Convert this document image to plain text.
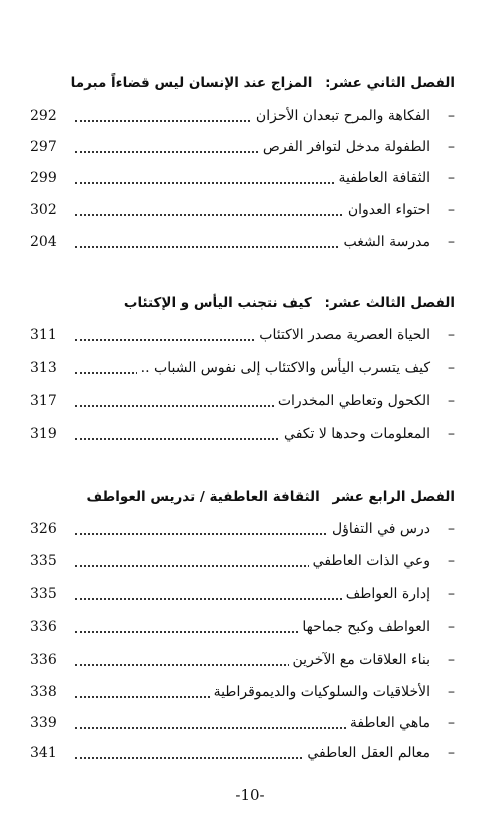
الفصل الثاني عشر: المزاج عند الإنسان ليس قضاءاً مبرما
–
الفكاهة والمرح تبعدان الأحزان
292
–
الطفولة مدخل لتوافر الفرص
297
–
الثقافة العاطفية
299
–
احتواء العدوان
302
–
مدرسة الشغب
204
الفصل الثالث عشر: كيف نتجنب اليأس و الإكتئاب
–
الحياة العصرية مصدر الاكتئاب
311
–
كيف يتسرب اليأس والاكتئاب إلى نفوس الشباب ..
313
–
الكحول وتعاطي المخدرات
317
–
المعلومات وحدها لا تكفي
319
الفصل الرابع عشر الثقافة العاطفية / تدريس العواطف
–
درس في التفاؤل
326
–
وعي الذات العاطفي
335
–
إدارة العواطف
335
–
العواطف وكبح جماحها
336
–
بناء العلاقات مع الآخرين
336
–
الأخلاقيات والسلوكيات والديموقراطية
338
–
ماهي العاطفة
339
–
معالم العقل العاطفي
341
-10-
